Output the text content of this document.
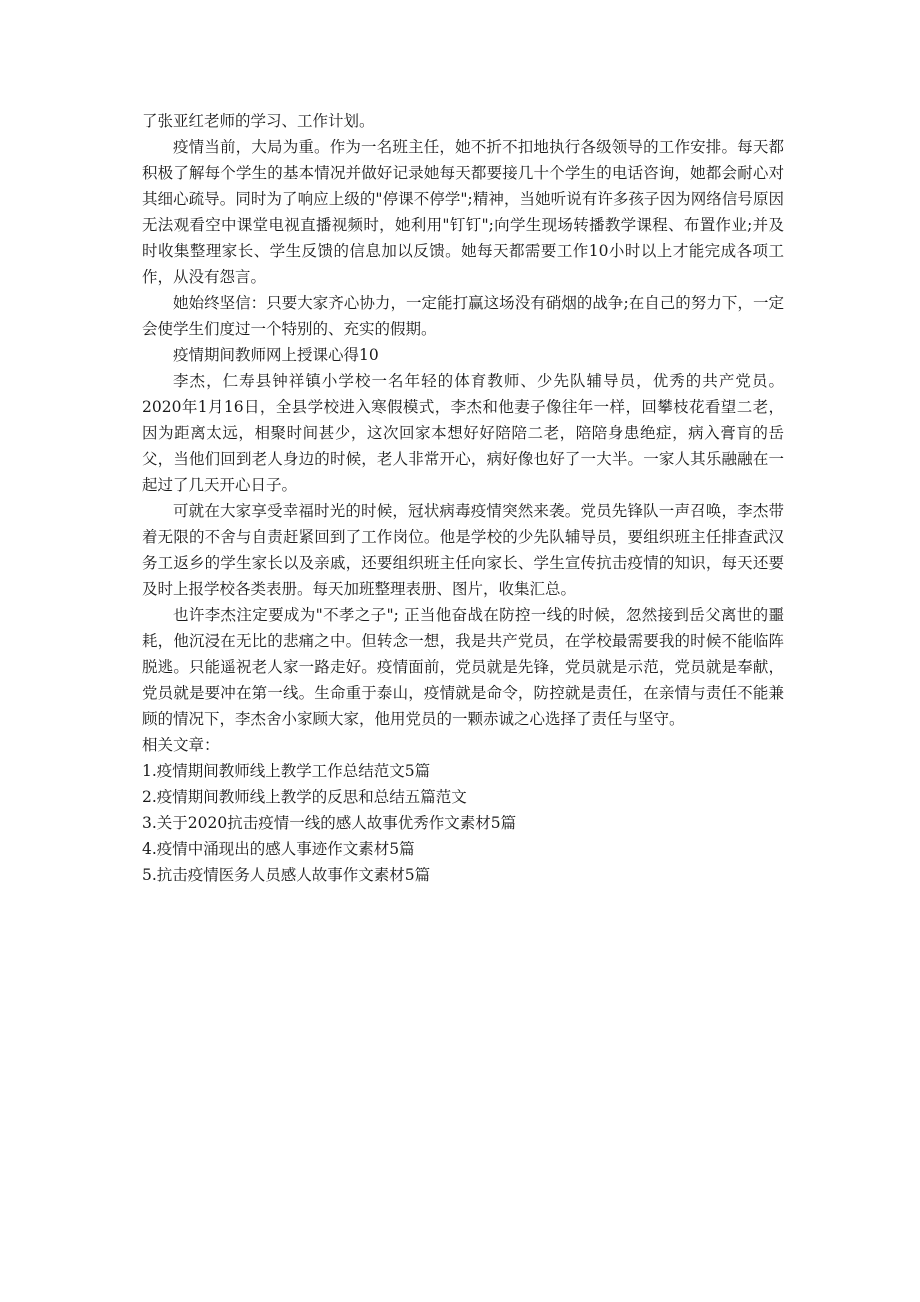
了张亚红老师的学习、工作计划。

疫情当前，大局为重。作为一名班主任，她不折不扣地执行各级领导的工作安排。每天都积极了解每个学生的基本情况并做好记录她每天都要接几十个学生的电话咨询，她都会耐心对其细心疏导。同时为了响应上级的"停课不停学";精神，当她听说有许多孩子因为网络信号原因无法观看空中课堂电视直播视频时，她利用"钉钉";向学生现场转播教学课程、布置作业;并及时收集整理家长、学生反馈的信息加以反馈。她每天都需要工作10小时以上才能完成各项工作，从没有怨言。

她始终坚信：只要大家齐心协力，一定能打赢这场没有硝烟的战争;在自己的努力下，一定会使学生们度过一个特别的、充实的假期。

疫情期间教师网上授课心得10

李杰，仁寿县钟祥镇小学校一名年轻的体育教师、少先队辅导员，优秀的共产党员。2020年1月16日，全县学校进入寒假模式，李杰和他妻子像往年一样，回攀枝花看望二老，因为距离太远，相聚时间甚少，这次回家本想好好陪陪二老，陪陪身患绝症，病入膏肓的岳父，当他们回到老人身边的时候，老人非常开心，病好像也好了一大半。一家人其乐融融在一起过了几天开心日子。

可就在大家享受幸福时光的时候，冠状病毒疫情突然来袭。党员先锋队一声召唤，李杰带着无限的不舍与自责赶紧回到了工作岗位。他是学校的少先队辅导员，要组织班主任排查武汉务工返乡的学生家长以及亲戚，还要组织班主任向家长、学生宣传抗击疫情的知识，每天还要及时上报学校各类表册。每天加班整理表册、图片，收集汇总。

也许李杰注定要成为"不孝之子"; 正当他奋战在防控一线的时候，忽然接到岳父离世的噩耗，他沉浸在无比的悲痛之中。但转念一想，我是共产党员，在学校最需要我的时候不能临阵脱逃。只能遥祝老人家一路走好。疫情面前，党员就是先锋，党员就是示范，党员就是奉献，党员就是要冲在第一线。生命重于泰山，疫情就是命令，防控就是责任，在亲情与责任不能兼顾的情况下，李杰舍小家顾大家，他用党员的一颗赤诚之心选择了责任与坚守。

相关文章：

1.疫情期间教师线上教学工作总结范文5篇
2.疫情期间教师线上教学的反思和总结五篇范文
3.关于2020抗击疫情一线的感人故事优秀作文素材5篇
4.疫情中涌现出的感人事迹作文素材5篇
5.抗击疫情医务人员感人故事作文素材5篇
